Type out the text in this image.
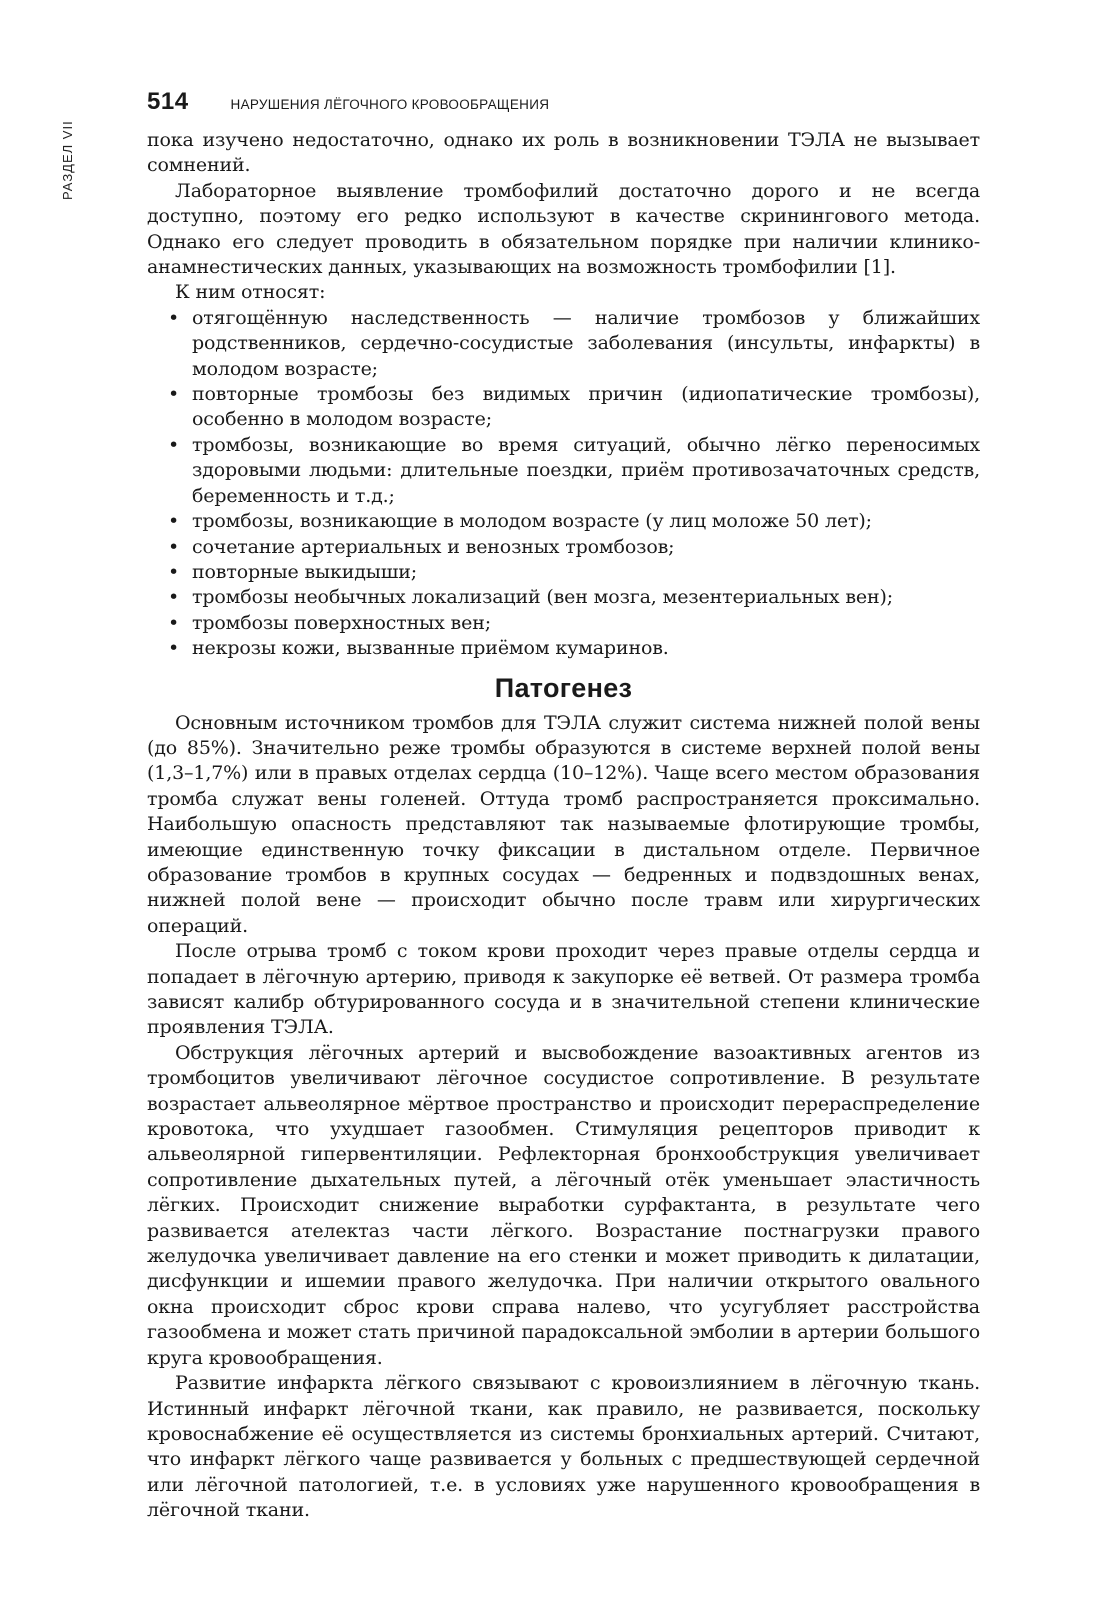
РАЗДЕЛ VII
514	НАРУШЕНИЯ ЛЁГОЧНОГО КРОВООБРАЩЕНИЯ

пока изучено недостаточно, однако их роль в возникновении ТЭЛА не вызывает сомнений.

Лабораторное выявление тромбофилий достаточно дорого и не всегда доступно, поэтому его редко используют в качестве скринингового метода. Однако его следует проводить в обязательном порядке при наличии клинико-анамнестических данных, указывающих на возможность тромбофилии [1].

К ним относят:

• отягощённую наследственность — наличие тромбозов у ближайших родственников, сердечно-сосудистые заболевания (инсульты, инфаркты) в молодом возрасте;
• повторные тромбозы без видимых причин (идиопатические тромбозы), особенно в молодом возрасте;
• тромбозы, возникающие во время ситуаций, обычно лёгко переносимых здоровыми людьми: длительные поездки, приём противозачаточных средств, беременность и т.д.;
• тромбозы, возникающие в молодом возрасте (у лиц моложе 50 лет);
• сочетание артериальных и венозных тромбозов;
• повторные выкидыши;
• тромбозы необычных локализаций (вен мозга, мезентериальных вен);
• тромбозы поверхностных вен;
• некрозы кожи, вызванные приёмом кумаринов.
Патогенез

Основным источником тромбов для ТЭЛА служит система нижней полой вены (до 85%). Значительно реже тромбы образуются в системе верхней полой вены (1,3–1,7%) или в правых отделах сердца (10–12%). Чаще всего местом образования тромба служат вены голеней. Оттуда тромб распространяется проксимально. Наибольшую опасность представляют так называемые флотирующие тромбы, имеющие единственную точку фиксации в дистальном отделе. Первичное образование тромбов в крупных сосудах — бедренных и подвздошных венах, нижней полой вене — происходит обычно после травм или хирургических операций.

После отрыва тромб с током крови проходит через правые отделы сердца и попадает в лёгочную артерию, приводя к закупорке её ветвей. От размера тромба зависят калибр обтурированного сосуда и в значительной степени клинические проявления ТЭЛА.

Обструкция лёгочных артерий и высвобождение вазоактивных агентов из тромбоцитов увеличивают лёгочное сосудистое сопротивление. В результате возрастает альвеолярное мёртвое пространство и происходит перераспределение кровотока, что ухудшает газообмен. Стимуляция рецепторов приводит к альвеолярной гипервентиляции. Рефлекторная бронхообструкция увеличивает сопротивление дыхательных путей, а лёгочный отёк уменьшает эластичность лёгких. Происходит снижение выработки сурфактанта, в результате чего развивается ателектаз части лёгкого. Возрастание постнагрузки правого желудочка увеличивает давление на его стенки и может приводить к дилатации, дисфункции и ишемии правого желудочка. При наличии открытого овального окна происходит сброс крови справа налево, что усугубляет расстройства газообмена и может стать причиной парадоксальной эмболии в артерии большого круга кровообращения.

Развитие инфаркта лёгкого связывают с кровоизлиянием в лёгочную ткань. Истинный инфаркт лёгочной ткани, как правило, не развивается, поскольку кровоснабжение её осуществляется из системы бронхиальных артерий. Считают, что инфаркт лёгкого чаще развивается у больных с предшествующей сердечной или лёгочной патологией, т.е. в условиях уже нарушенного кровообращения в лёгочной ткани.
